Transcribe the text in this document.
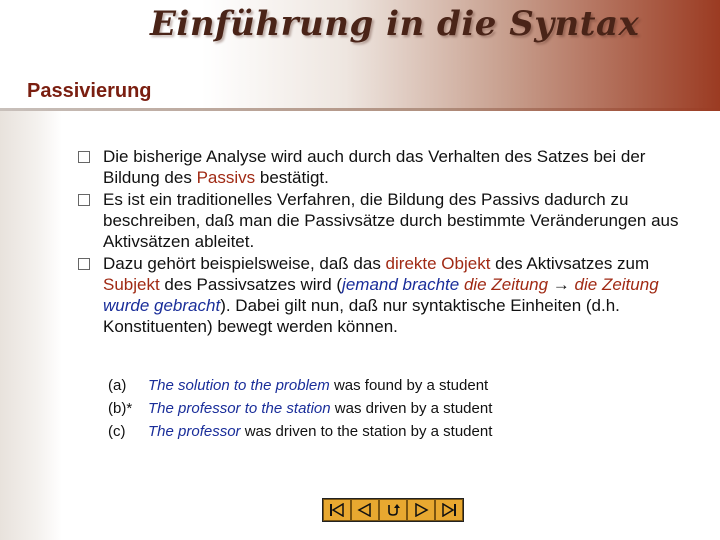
Einführung in die Syntax
Passivierung
Die bisherige Analyse wird auch durch das Verhalten des Satzes bei der Bildung des Passivs bestätigt.
Es ist ein traditionelles Verfahren, die Bildung des Passivs dadurch zu beschreiben, daß man die Passivsätze durch bestimmte Veränderungen aus Aktivsätzen ableitet.
Dazu gehört beispielsweise, daß das direkte Objekt des Aktivsatzes zum Subjekt des Passivsatzes wird (jemand brachte die Zeitung → die Zeitung wurde gebracht). Dabei gilt nun, daß nur syntaktische Einheiten (d.h. Konstituenten) bewegt werden können.
(a) The solution to the problem was found by a student
(b)* The professor to the station was driven by a student
(c) The professor was driven to the station by a student
